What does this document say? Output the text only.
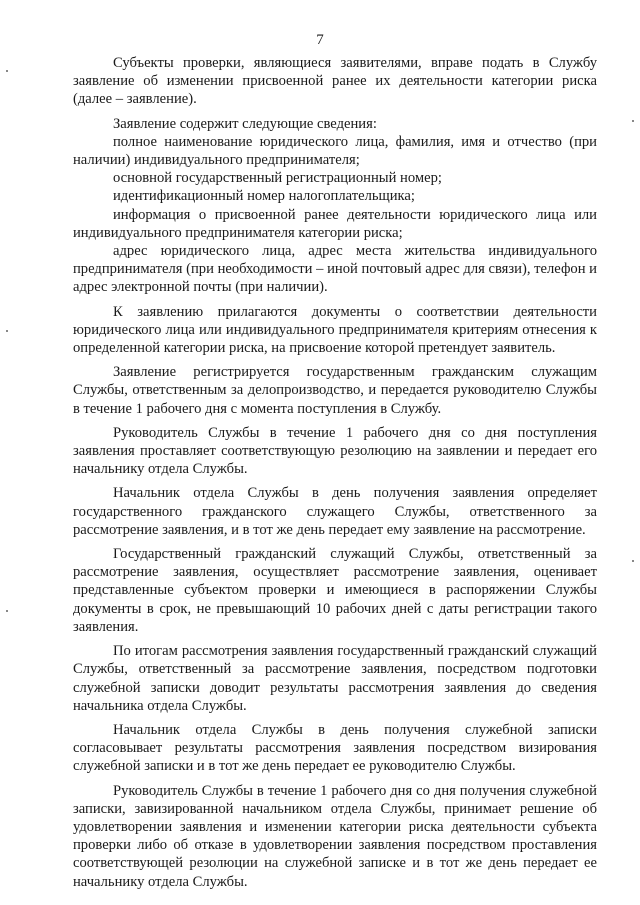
7

Субъекты проверки, являющиеся заявителями, вправе подать в Службу заявление об изменении присвоенной ранее их деятельности категории риска (далее – заявление).

Заявление содержит следующие сведения:

полное наименование юридического лица, фамилия, имя и отчество (при наличии) индивидуального предпринимателя;

основной государственный регистрационный номер;

идентификационный номер налогоплательщика;

информация о присвоенной ранее деятельности юридического лица или индивидуального предпринимателя категории риска;

адрес юридического лица, адрес места жительства индивидуального предпринимателя (при необходимости – иной почтовый адрес для связи), телефон и адрес электронной почты (при наличии).

К заявлению прилагаются документы о соответствии деятельности юридического лица или индивидуального предпринимателя критериям отнесения к определенной категории риска, на присвоение которой претендует заявитель.

Заявление регистрируется государственным гражданским служащим Службы, ответственным за делопроизводство, и передается руководителю Службы в течение 1 рабочего дня с момента поступления в Службу.

Руководитель Службы в течение 1 рабочего дня со дня поступления заявления проставляет соответствующую резолюцию на заявлении и передает его начальнику отдела Службы.

Начальник отдела Службы в день получения заявления определяет государственного гражданского служащего Службы, ответственного за рассмотрение заявления, и в тот же день передает ему заявление на рассмотрение.

Государственный гражданский служащий Службы, ответственный за рассмотрение заявления, осуществляет рассмотрение заявления, оценивает представленные субъектом проверки и имеющиеся в распоряжении Службы документы в срок, не превышающий 10 рабочих дней с даты регистрации такого заявления.

По итогам рассмотрения заявления государственный гражданский служащий Службы, ответственный за рассмотрение заявления, посредством подготовки служебной записки доводит результаты рассмотрения заявления до сведения начальника отдела Службы.

Начальник отдела Службы в день получения служебной записки согласовывает результаты рассмотрения заявления посредством визирования служебной записки и в тот же день передает ее руководителю Службы.

Руководитель Службы в течение 1 рабочего дня со дня получения служебной записки, завизированной начальником отдела Службы, принимает решение об удовлетворении заявления и изменении категории риска деятельности субъекта проверки либо об отказе в удовлетворении заявления посредством проставления соответствующей резолюции на служебной записке и в тот же день передает ее начальнику отдела Службы.
